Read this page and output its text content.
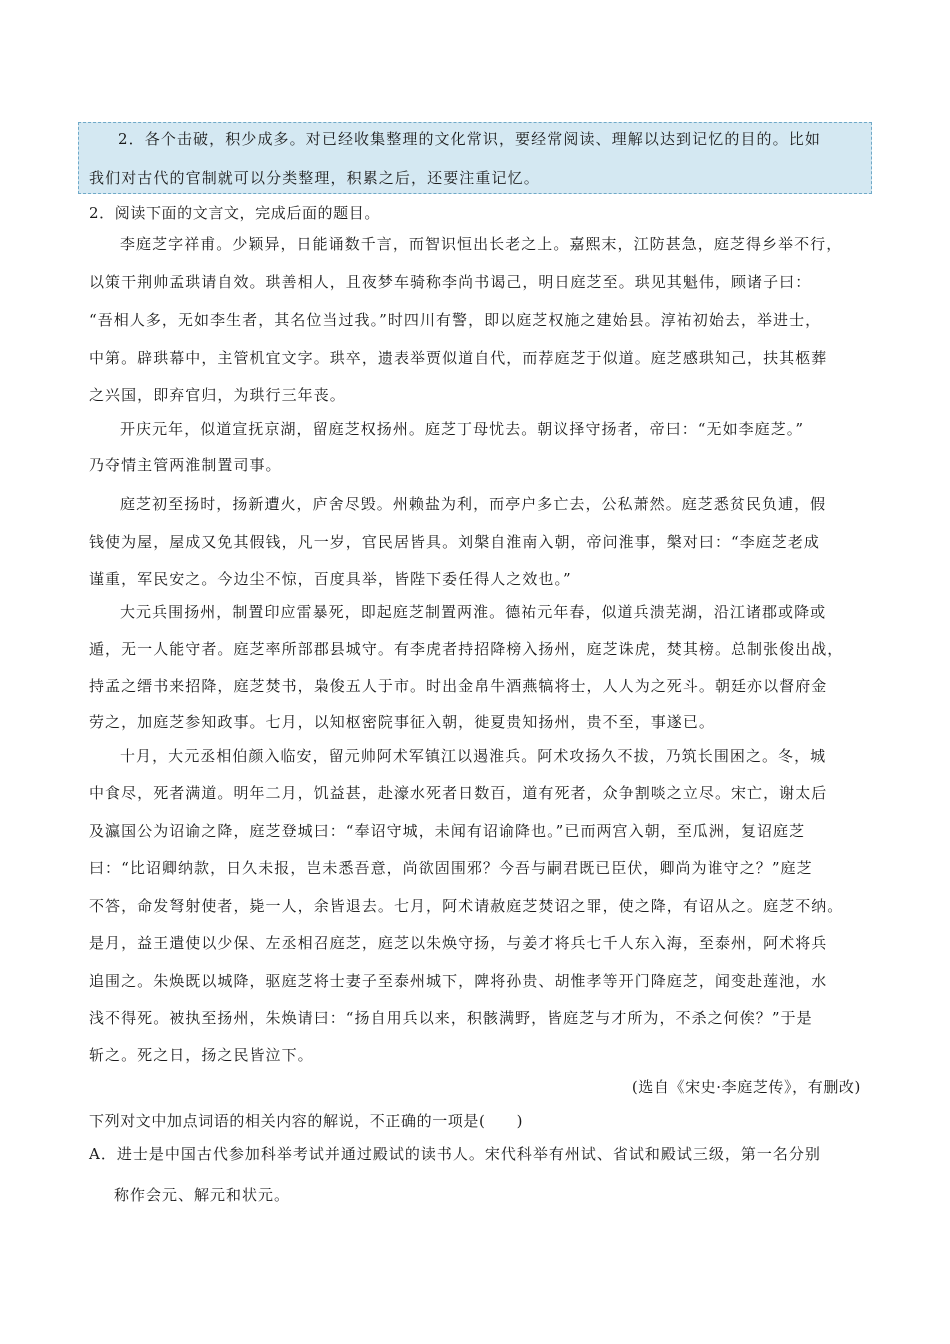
2．各个击破，积少成多。对已经收集整理的文化常识，要经常阅读、理解以达到记忆的目的。比如
我们对古代的官制就可以分类整理，积累之后，还要注重记忆。
2．阅读下面的文言文，完成后面的题目。
李庭芝字祥甫。少颖异，日能诵数千言，而智识恒出长老之上。嘉熙末，江防甚急，庭芝得乡举不行，
以策干荆帅孟珙请自效。珙善相人，且夜梦车骑称李尚书谒己，明日庭芝至。珙见其魁伟，顾诸子曰：
“吾相人多，无如李生者，其名位当过我。”时四川有警，即以庭芝权施之建始县。淳祐初始去，举进士，
中第。辟珙幕中，主管机宜文字。珙卒，遗表举贾似道自代，而荐庭芝于似道。庭芝感珙知己，扶其柩葬
之兴国，即弃官归，为珙行三年丧。
开庆元年，似道宣抚京湖，留庭芝权扬州。庭芝丁母忧去。朝议择守扬者，帝曰：“无如李庭芝。”
乃夺情主管两淮制置司事。
庭芝初至扬时，扬新遭火，庐舍尽毁。州赖盐为利，而亭户多亡去，公私萧然。庭芝悉贫民负逋，假
钱使为屋，屋成又免其假钱，凡一岁，官民居皆具。刘槃自淮南入朝，帝问淮事，槃对曰：“李庭芝老成
谨重，军民安之。今边尘不惊，百度具举，皆陛下委任得人之效也。”
大元兵围扬州，制置印应雷暴死，即起庭芝制置两淮。德祐元年春，似道兵溃芜湖，沿江诸郡或降或
遁，无一人能守者。庭芝率所部郡县城守。有李虎者持招降榜入扬州，庭芝诛虎，焚其榜。总制张俊出战，
持孟之缙书来招降，庭芝焚书，枭俊五人于市。时出金帛牛酒燕犒将士，人人为之死斗。朝廷亦以督府金
劳之，加庭芝参知政事。七月，以知枢密院事征入朝，徙夏贵知扬州，贵不至，事遂已。
十月，大元丞相伯颜入临安，留元帅阿术军镇江以遏淮兵。阿术攻扬久不拔，乃筑长围困之。冬，城
中食尽，死者满道。明年二月，饥益甚，赴濠水死者日数百，道有死者，众争割啖之立尽。宋亡，谢太后
及瀛国公为诏谕之降，庭芝登城曰：“奉诏守城，未闻有诏谕降也。”已而两宫入朝，至瓜洲，复诏庭芝
曰：“比诏卿纳款，日久未报，岂未悉吾意，尚欲固围邪？今吾与嗣君既已臣伏，卿尚为谁守之？”庭芝
不答，命发弩射使者，毙一人，余皆退去。七月，阿术请赦庭芝焚诏之罪，使之降，有诏从之。庭芝不纳。
是月，益王遣使以少保、左丞相召庭芝，庭芝以朱焕守扬，与姜才将兵七千人东入海，至泰州，阿术将兵
追围之。朱焕既以城降，驱庭芝将士妻子至泰州城下，陴将孙贵、胡惟孝等开门降庭芝，闻变赴莲池，水
浅不得死。被执至扬州，朱焕请曰：“扬自用兵以来，积骸满野，皆庭芝与才所为，不杀之何俟？”于是
斩之。死之日，扬之民皆泣下。
(选自《宋史·李庭芝传》，有删改)
下列对文中加点词语的相关内容的解说，不正确的一项是(　　)
A．进士是中国古代参加科举考试并通过殿试的读书人。宋代科举有州试、省试和殿试三级，第一名分别
称作会元、解元和状元。
